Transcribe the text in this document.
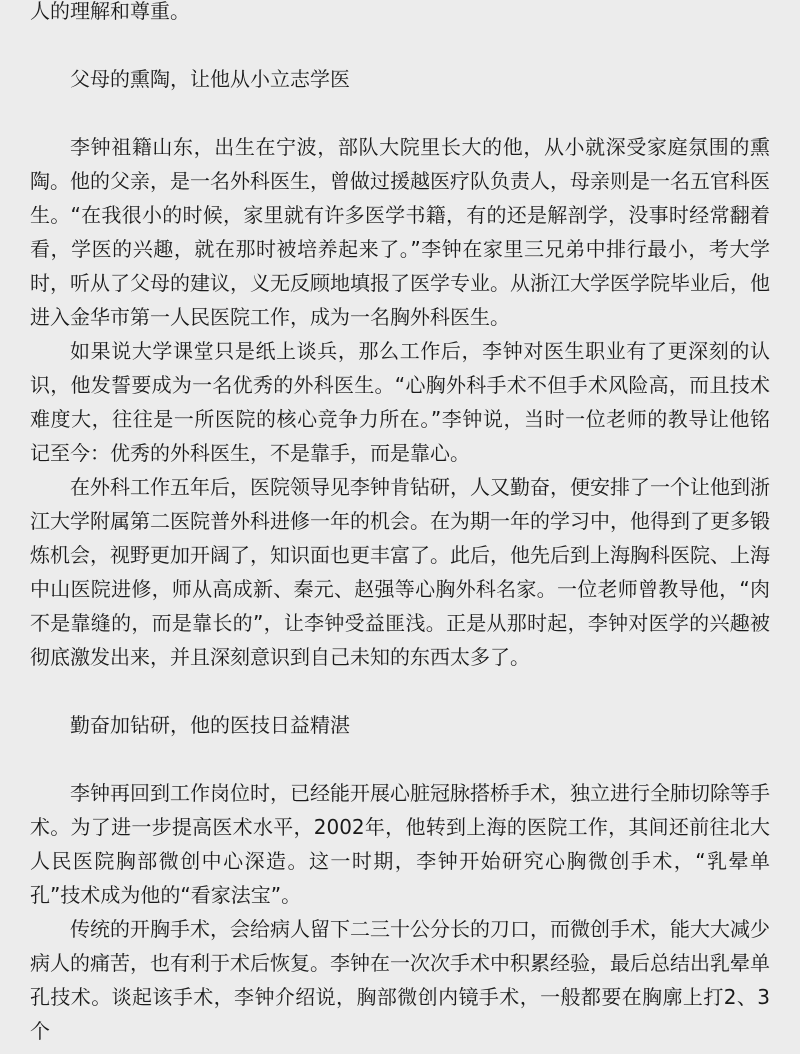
人的理解和尊重。

父母的熏陶，让他从小立志学医

李钟祖籍山东，出生在宁波，部队大院里长大的他，从小就深受家庭氛围的熏陶。他的父亲，是一名外科医生，曾做过援越医疗队负责人，母亲则是一名五官科医生。“在我很小的时候，家里就有许多医学书籍，有的还是解剖学，没事时经常翻着看，学医的兴趣，就在那时被培养起来了。”李钟在家里三兄弟中排行最小，考大学时，听从了父母的建议，义无反顾地填报了医学专业。从浙江大学医学院毕业后，他进入金华市第一人民医院工作，成为一名胸外科医生。

如果说大学课堂只是纸上谈兵，那么工作后，李钟对医生职业有了更深刻的认识，他发誓要成为一名优秀的外科医生。“心胸外科手术不但手术风险高，而且技术难度大，往往是一所医院的核心竞争力所在。”李钟说，当时一位老师的教导让他铭记至今：优秀的外科医生，不是靠手，而是靠心。

在外科工作五年后，医院领导见李钟肯钻研，人又勤奋，便安排了一个让他到浙江大学附属第二医院普外科进修一年的机会。在为期一年的学习中，他得到了更多锻炼机会，视野更加开阔了，知识面也更丰富了。此后，他先后到上海胸科医院、上海中山医院进修，师从高成新、秦元、赵强等心胸外科名家。一位老师曾教导他，“肉不是靠缝的，而是靠长的”，让李钟受益匪浅。正是从那时起，李钟对医学的兴趣被彻底激发出来，并且深刻意识到自己未知的东西太多了。

勤奋加钻研，他的医技日益精湛

李钟再回到工作岗位时，已经能开展心脏冠脉搭桥手术，独立进行全肺切除等手术。为了进一步提高医术水平，2002年，他转到上海的医院工作，其间还前往北大人民医院胸部微创中心深造。这一时期，李钟开始研究心胸微创手术，“乳晕单孔”技术成为他的“看家法宝”。

传统的开胸手术，会给病人留下二三十公分长的刀口，而微创手术，能大大减少病人的痛苦，也有利于术后恢复。李钟在一次次手术中积累经验，最后总结出乳晕单孔技术。谈起该手术，李钟介绍说，胸部微创内镜手术，一般都要在胸廓上打2、3个
